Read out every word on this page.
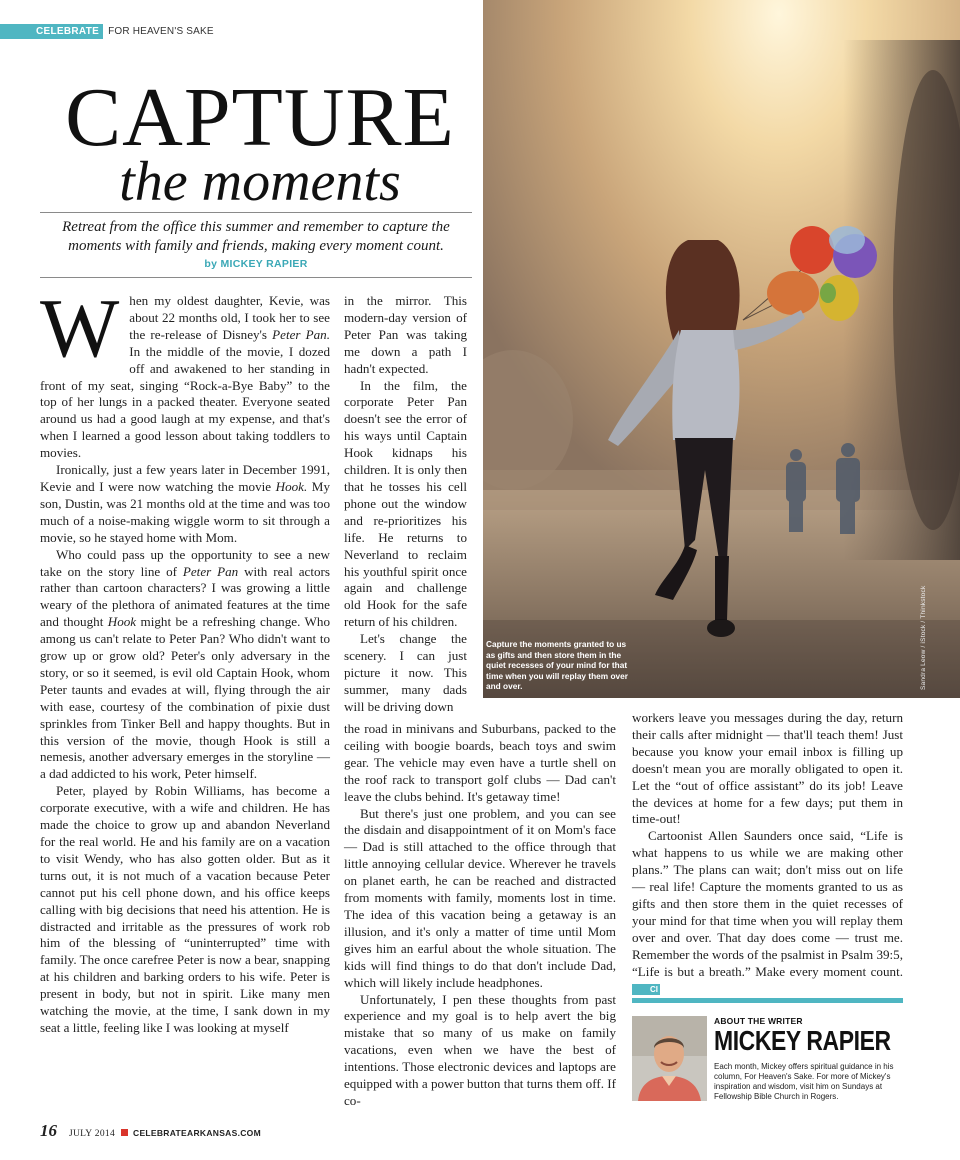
CELEBRATE FOR HEAVEN'S SAKE
CAPTURE
the moments
Retreat from the office this summer and remember to capture the moments with family and friends, making every moment count.
by MICKEY RAPIER
Capture the moments granted to us as gifts and then store them in the quiet recesses of your mind for that time when you will replay them over and over.	Sandra Leow / iStock / Thinkstock

When my oldest daughter, Kevie, was about 22 months old, I took her to see the re-release of Disney's Peter Pan. In the middle of the movie, I dozed off and awakened to her standing in front of my seat, singing “Rock-a-Bye Baby” to the top of her lungs in a packed theater. Everyone seated around us had a good laugh at my expense, and that's when I learned a good lesson about taking toddlers to movies.

Ironically, just a few years later in December 1991, Kevie and I were now watching the movie Hook. My son, Dustin, was 21 months old at the time and was too much of a noise-making wiggle worm to sit through a movie, so he stayed home with Mom.

Who could pass up the opportunity to see a new take on the story line of Peter Pan with real actors rather than cartoon characters? I was growing a little weary of the plethora of animated features at the time and thought Hook might be a refreshing change. Who among us can't relate to Peter Pan? Who didn't want to grow up or grow old? Peter's only adversary in the story, or so it seemed, is evil old Captain Hook, whom Peter taunts and evades at will, flying through the air with ease, courtesy of the combination of pixie dust sprinkles from Tinker Bell and happy thoughts. But in this version of the movie, though Hook is still a nemesis, another adversary emerges in the storyline — a dad addicted to his work, Peter himself.

Peter, played by Robin Williams, has become a corporate executive, with a wife and children. He has made the choice to grow up and abandon Neverland for the real world. He and his family are on a vacation to visit Wendy, who has also gotten older. But as it turns out, it is not much of a vacation because Peter cannot put his cell phone down, and his office keeps calling with big decisions that need his attention. He is distracted and irritable as the pressures of work rob him of the blessing of “uninterrupted” time with family. The once carefree Peter is now a bear, snapping at his children and barking orders to his wife. Peter is present in body, but not in spirit. Like many men watching the movie, at the time, I sank down in my seat a little, feeling like I was looking at myself

in the mirror. This modern-day version of Peter Pan was taking me down a path I hadn't expected.

In the film, the corporate Peter Pan doesn't see the error of his ways until Captain Hook kidnaps his children. It is only then that he tosses his cell phone out the window and re-prioritizes his life. He returns to Neverland to reclaim his youthful spirit once again and challenge old Hook for the safe return of his children.

Let's change the scenery. I can just picture it now. This summer, many dads will be driving down

the road in minivans and Suburbans, packed to the ceiling with boogie boards, beach toys and swim gear. The vehicle may even have a turtle shell on the roof rack to transport golf clubs — Dad can't leave the clubs behind. It's getaway time!

But there's just one problem, and you can see the disdain and disappointment of it on Mom's face — Dad is still attached to the office through that little annoying cellular device. Wherever he travels on planet earth, he can be reached and distracted from moments with family, moments lost in time. The idea of this vacation being a getaway is an illusion, and it's only a matter of time until Mom gives him an earful about the whole situation. The kids will find things to do that don't include Dad, which will likely include headphones.

Unfortunately, I pen these thoughts from past experience and my goal is to help avert the big mistake that so many of us make on family vacations, even when we have the best of intentions. Those electronic devices and laptops are equipped with a power button that turns them off. If co-

workers leave you messages during the day, return their calls after midnight — that'll teach them! Just because you know your email inbox is filling up doesn't mean you are morally obligated to open it. Let the “out of office assistant” do its job! Leave the devices at home for a few days; put them in time-out!

Cartoonist Allen Saunders once said, “Life is what happens to us while we are making other plans.” The plans can wait; don't miss out on life — real life! Capture the moments granted to us as gifts and then store them in the quiet recesses of your mind for that time when you will replay them over and over. That day does come — trust me. Remember the words of the psalmist in Psalm 39:5, “Life is but a breath.” Make every moment count. CI

ABOUT THE WRITER
MICKEY RAPIER
Each month, Mickey offers spiritual guidance in his column, For Heaven's Sake. For more of Mickey's inspiration and wisdom, visit him on Sundays at Fellowship Bible Church in Rogers.
16 JULY 2014 CELEBRATEARKANSAS.COM
